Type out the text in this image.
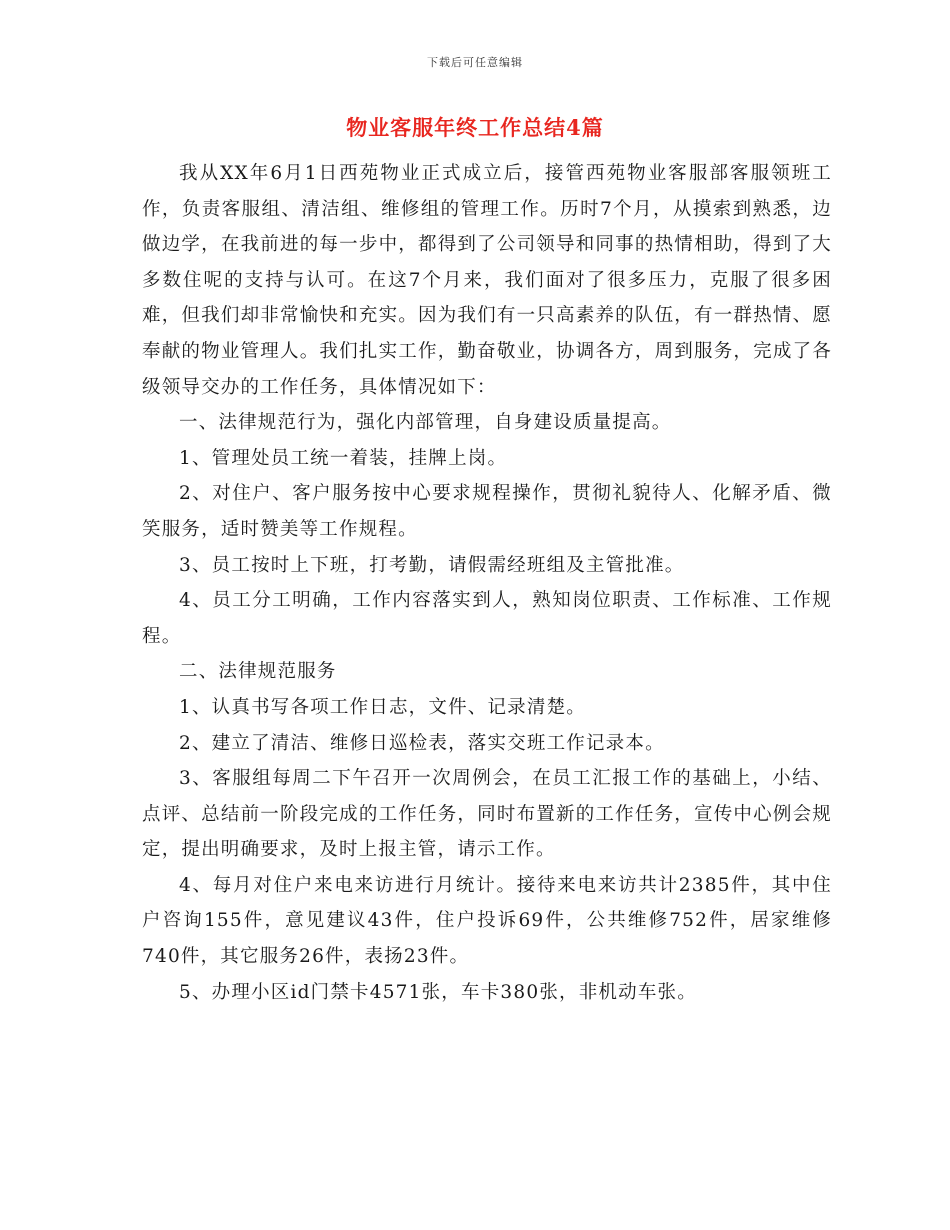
下载后可任意编辑
物业客服年终工作总结4篇

我从XX年6月1日西苑物业正式成立后，接管西苑物业客服部客服领班工作，负责客服组、清洁组、维修组的管理工作。历时7个月，从摸索到熟悉，边做边学，在我前进的每一步中，都得到了公司领导和同事的热情相助，得到了大多数住呢的支持与认可。在这7个月来，我们面对了很多压力，克服了很多困难，但我们却非常愉快和充实。因为我们有一只高素养的队伍，有一群热情、愿奉献的物业管理人。我们扎实工作，勤奋敬业，协调各方，周到服务，完成了各级领导交办的工作任务，具体情况如下：

一、法律规范行为，强化内部管理，自身建设质量提高。

1、管理处员工统一着装，挂牌上岗。

2、对住户、客户服务按中心要求规程操作，贯彻礼貌待人、化解矛盾、微笑服务，适时赞美等工作规程。

3、员工按时上下班，打考勤，请假需经班组及主管批准。

4、员工分工明确，工作内容落实到人，熟知岗位职责、工作标准、工作规程。

二、法律规范服务

1、认真书写各项工作日志，文件、记录清楚。

2、建立了清洁、维修日巡检表，落实交班工作记录本。

3、客服组每周二下午召开一次周例会，在员工汇报工作的基础上，小结、点评、总结前一阶段完成的工作任务，同时布置新的工作任务，宣传中心例会规定，提出明确要求，及时上报主管，请示工作。

4、每月对住户来电来访进行月统计。接待来电来访共计2385件，其中住户咨询155件，意见建议43件，住户投诉69件，公共维修752件，居家维修740件，其它服务26件，表扬23件。

5、办理小区id门禁卡4571张，车卡380张，非机动车张。
